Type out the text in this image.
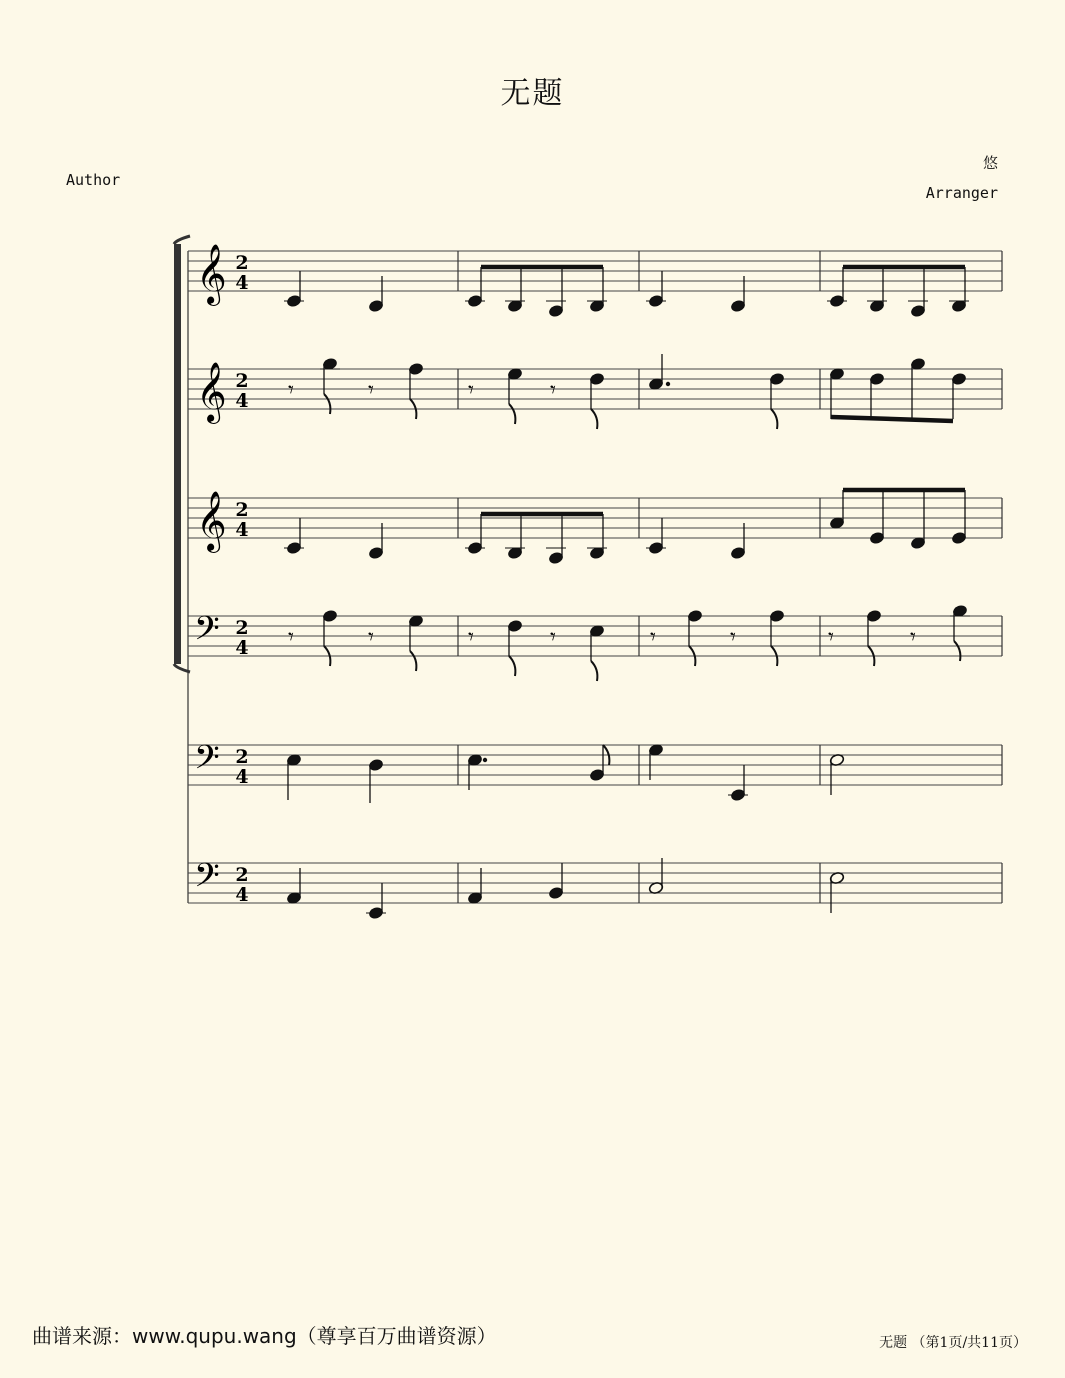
无题
悠
Author
Arranger
𝄞 2
4
𝄞 2
4
𝄞 2
4
𝄢 2
4
𝄢 2
4
𝄢 2
4
𝄾	𝄾	𝄾	𝄾
𝄾	𝄾	𝄾	𝄾	𝄾	𝄾	𝄾	𝄾
曲谱来源：www.qupu.wang（尊享百万曲谱资源）	无题 （第1页/共11页）
